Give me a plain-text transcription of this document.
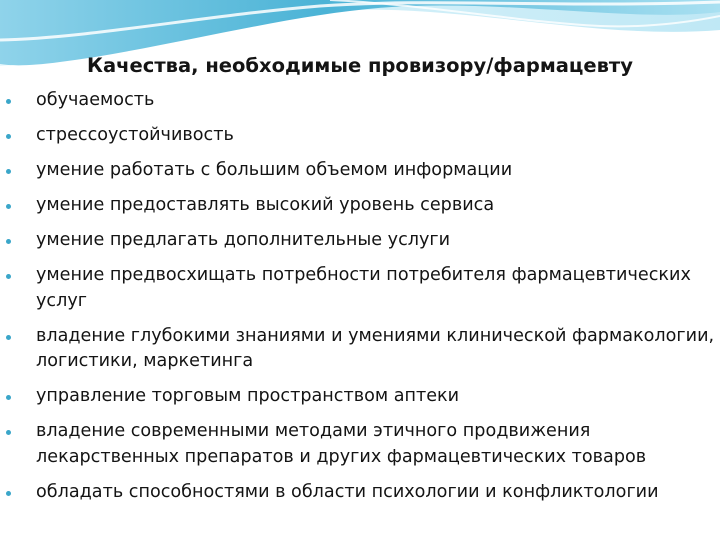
Качества, необходимые провизору/фармацевту
обучаемость
стрессоустойчивость
умение работать с большим объемом информации
умение предоставлять высокий уровень сервиса
умение предлагать дополнительные услуги
умение предвосхищать потребности потребителя фармацевтических услуг
владение глубокими знаниями и умениями клинической фармакологии, логистики, маркетинга
управление торговым пространством аптеки
владение современными методами этичного продвижения лекарственных препаратов и других фармацевтических товаров
обладать способностями в области психологии и конфликтологии
